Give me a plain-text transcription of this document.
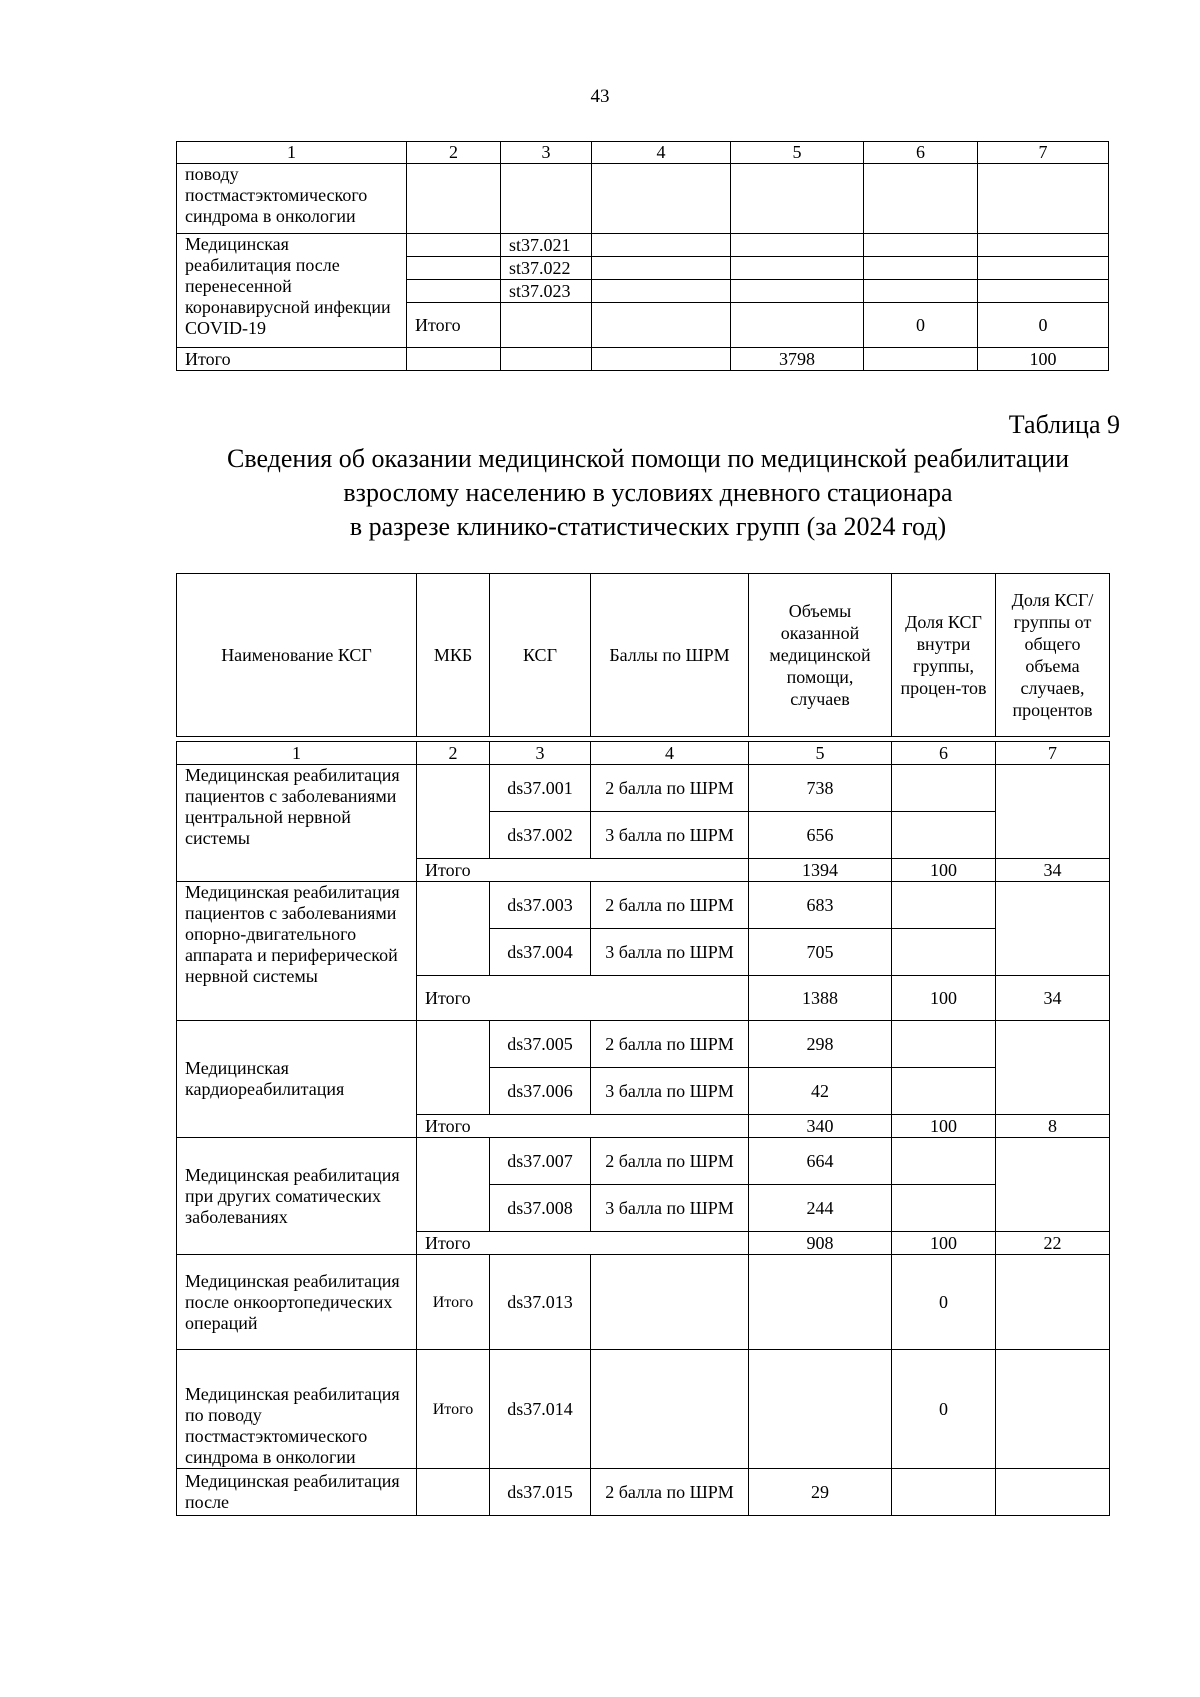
43
1	2	3	4	5	6	7
поводу постмастэктомического синдрома в онкологии						
Медицинская реабилитация после перенесенной коронавирусной инфекции COVID-19		st37.021				
		st37.022				
		st37.023				
	Итого				0	0
Итого				3798		100
Таблица 9
Сведения об оказании медицинской помощи по медицинской реабилитации
взрослому населению в условиях дневного стационара
в разрезе клинико-статистических групп (за 2024 год)
Наименование КСГ	МКБ	КСГ	Баллы по ШРМ	Объемы оказанной медицинской помощи, случаев	Доля КСГ внутри группы, процен-тов	Доля КСГ/ группы от общего объема случаев, процентов
1	2	3	4	5	6	7
Медицинская реабилитация пациентов с заболеваниями центральной нервной системы		ds37.001	2 балла по ШРМ	738		
		ds37.002	3 балла по ШРМ	656		
	Итого			1394	100	34
Медицинская реабилитация пациентов с заболеваниями опорно-двигательного аппарата и периферической нервной системы		ds37.003	2 балла по ШРМ	683		
		ds37.004	3 балла по ШРМ	705		
	Итого			1388	100	34
Медицинская кардиореабилитация		ds37.005	2 балла по ШРМ	298		
		ds37.006	3 балла по ШРМ	42		
	Итого			340	100	8
Медицинская реабилитация при других соматических заболеваниях		ds37.007	2 балла по ШРМ	664		
		ds37.008	3 балла по ШРМ	244		
	Итого			908	100	22
Медицинская реабилитация после онкоортопедических операций	Итого	ds37.013			0	
Медицинская реабилитация по поводу постмастэктомического синдрома в онкологии	Итого	ds37.014			0	
Медицинская реабилитация после		ds37.015	2 балла по ШРМ	29		
